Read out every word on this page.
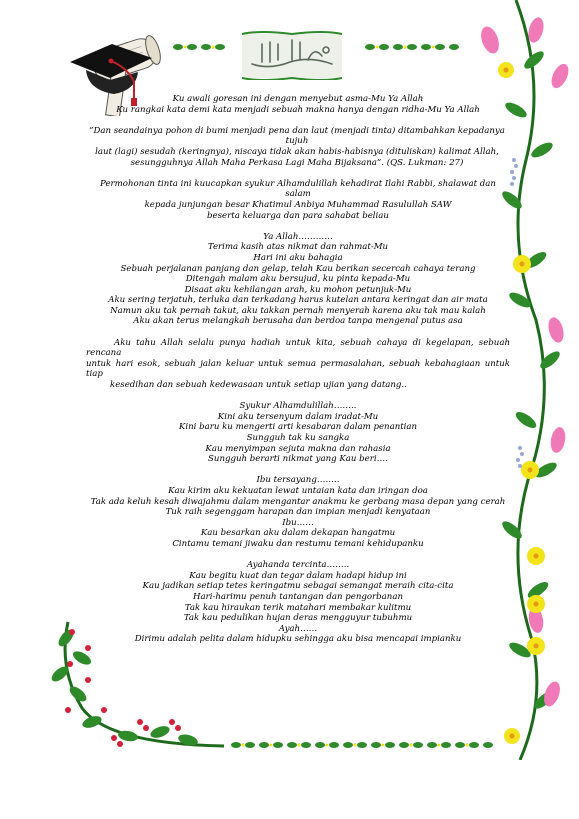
Ku awali goresan ini dengan menyebut asma-Mu Ya Allah

Ku rangkai kata demi kata menjadi sebuah makna hanya dengan ridha-Mu Ya Allah

”Dan seandainya pohon di bumi menjadi pena dan laut (menjadi tinta) ditambahkan kepadanya tujuh

laut (lagi) sesudah (keringnya), niscaya tidak akan habis-habisnya (dituliskan) kalimat Allah,

sesungguhnya Allah Maha Perkasa Lagi Maha Bijaksana”. (QS. Lukman: 27)

Permohonan tinta ini kuucapkan syukur Alhamdulillah kehadirat Ilahi Rabbi, shalawat dan salam

kepada junjungan besar Khatimul Anbiya Muhammad Rasulullah SAW

beserta keluarga dan para sahabat beliau

Ya Allah…………

Terima kasih atas nikmat dan rahmat-Mu

Hari ini aku bahagia

Sebuah perjalanan panjang dan gelap, telah Kau berikan secercah cahaya terang

Ditengah malam aku bersujud, ku pinta kepada-Mu

Disaat aku kehilangan arah, ku mohon petunjuk-Mu

Aku sering terjatuh, terluka dan terkadang harus kutelan antara keringat dan air mata

Namun aku tak pernah takut, aku takkan pernah menyerah karena aku tak mau kalah

Aku akan terus melangkah berusaha dan berdoa tanpa mengenal putus asa

Aku tahu Allah selalu punya hadiah untuk kita, sebuah cahaya di kegelapan, sebuah rencana

untuk hari esok, sebuah jalan keluar untuk semua permasalahan, sebuah kebahagiaan untuk tiap

kesedihan dan sebuah kedewasaan untuk setiap ujian yang datang..

Syukur Alhamdulillah……..

Kini aku tersenyum dalam iradat-Mu

Kini baru ku mengerti arti kesabaran dalam penantian

Sungguh tak ku sangka

Kau menyimpan sejuta makna dan rahasia

Sungguh berarti nikmat yang Kau beri….

Ibu tersayang……..

Kau kirim aku kekuatan lewat untaian kata dan iringan doa

Tak ada keluh kesah diwajahmu dalam mengantar anakmu ke gerbang masa depan yang cerah

Tuk raih segenggam harapan dan impian menjadi kenyataan

Ibu……

Kau besarkan aku dalam dekapan hangatmu

Cintamu temani jiwaku dan restumu temani kehidupanku

Ayahanda tercinta……..

Kau begitu kuat dan tegar dalam hadapi hidup ini

Kau jadikan setiap tetes keringatmu sebagai semangat meraih cita-cita

Hari-harimu penuh tantangan dan pengorbanan

Tak kau hiraukan terik matahari membakar kulitmu

Tak kau pedulikan hujan deras mengguyur tubuhmu

Ayah……

Dirimu adalah pelita dalam hidupku sehingga aku bisa mencapai impianku
